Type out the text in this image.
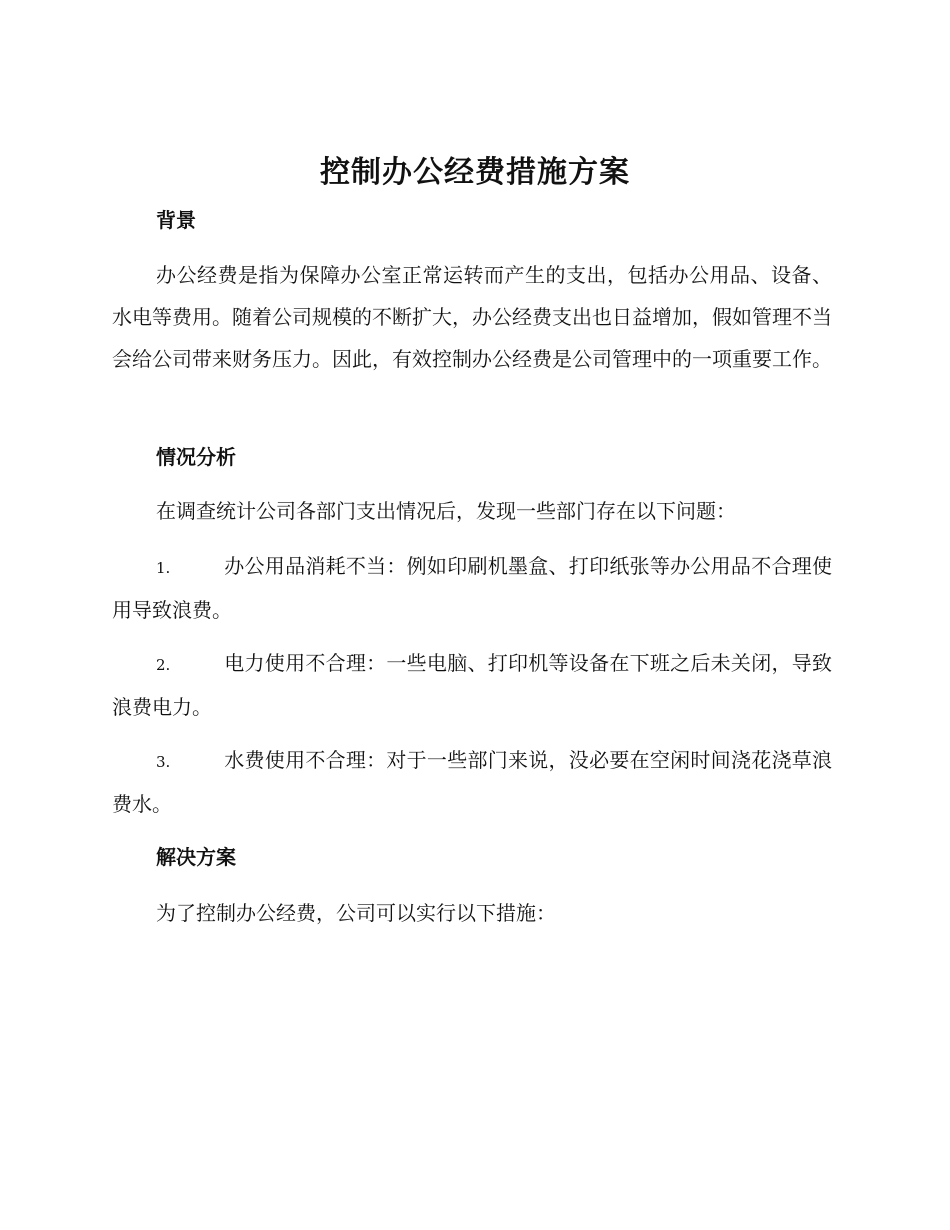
控制办公经费措施方案
背景

办公经费是指为保障办公室正常运转而产生的支出，包括办公用品、设备、水电等费用。随着公司规模的不断扩大，办公经费支出也日益增加，假如管理不当会给公司带来财务压力。因此，有效控制办公经费是公司管理中的一项重要工作。

情况分析

在调查统计公司各部门支出情况后，发现一些部门存在以下问题：

1.	办公用品消耗不当：例如印刷机墨盒、打印纸张等办公用品不合理使用导致浪费。

2.	电力使用不合理：一些电脑、打印机等设备在下班之后未关闭，导致浪费电力。

3.	水费使用不合理：对于一些部门来说，没必要在空闲时间浇花浇草浪费水。

解决方案

为了控制办公经费，公司可以实行以下措施：
